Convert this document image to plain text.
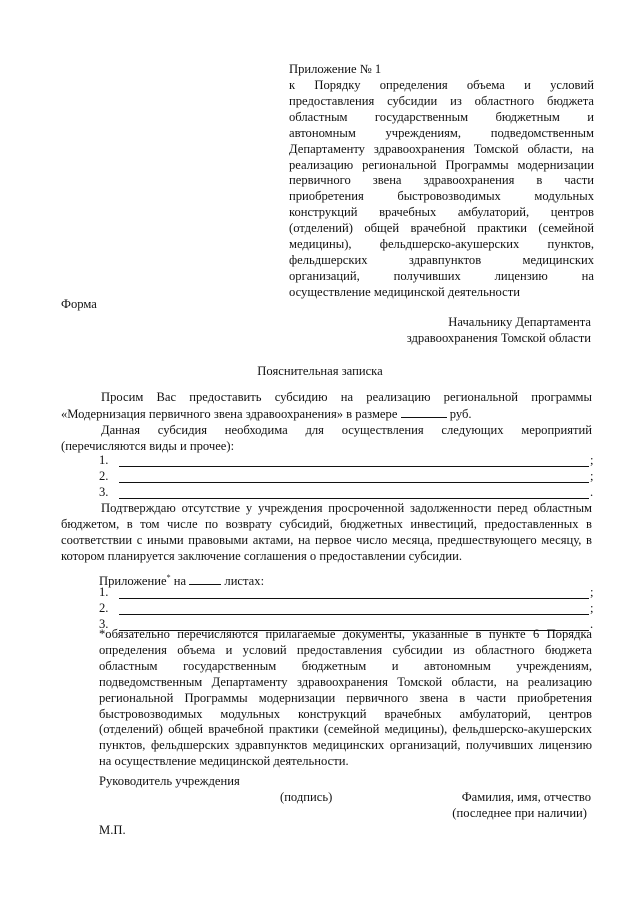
Приложение № 1
к Порядку определения объема и условий
предоставления субсидии из областного бюджета
областным государственным бюджетным и
автономным учреждениям, подведомственным
Департаменту здравоохранения Томской области, на
реализацию региональной Программы модернизации
первичного звена здравоохранения в части
приобретения быстровозводимых модульных
конструкций врачебных амбулаторий, центров
(отделений) общей врачебной практики (семейной
медицины), фельдшерско-акушерских пунктов,
фельдшерских здравпунктов медицинских
организаций, получивших лицензию на
осуществление медицинской деятельности
Форма
Начальнику Департамента
здравоохранения Томской области
Пояснительная записка
Просим Вас предоставить субсидию на реализацию региональной программы
«Модернизация первичного звена здравоохранения» в размере	руб.
Данная субсидия необходима для осуществления следующих мероприятий
(перечисляются виды и прочее):
1.	;
2.	;
3.	.
Подтверждаю отсутствие у учреждения просроченной задолженности перед областным
бюджетом, в том числе по возврату субсидий, бюджетных инвестиций, предоставленных в
соответствии с иными правовыми актами, на первое число месяца, предшествующего месяцу, в
котором планируется заключение соглашения о предоставлении субсидии.
Приложение* на	листах:
1.	;
2.	;
3.	.
*обязательно перечисляются прилагаемые документы, указанные в пункте 6 Порядка
определения объема и условий предоставления субсидии из областного бюджета
областным государственным бюджетным и автономным учреждениям,
подведомственным Департаменту здравоохранения Томской области, на реализацию
региональной Программы модернизации первичного звена в части приобретения
быстровозводимых модульных конструкций врачебных амбулаторий, центров
(отделений) общей врачебной практики (семейной медицины), фельдшерско-акушерских
пунктов, фельдшерских здравпунктов медицинских организаций, получивших лицензию
на осуществление медицинской деятельности.
Руководитель учреждения
(подпись)	Фамилия, имя, отчество
(последнее при наличии)
М.П.
